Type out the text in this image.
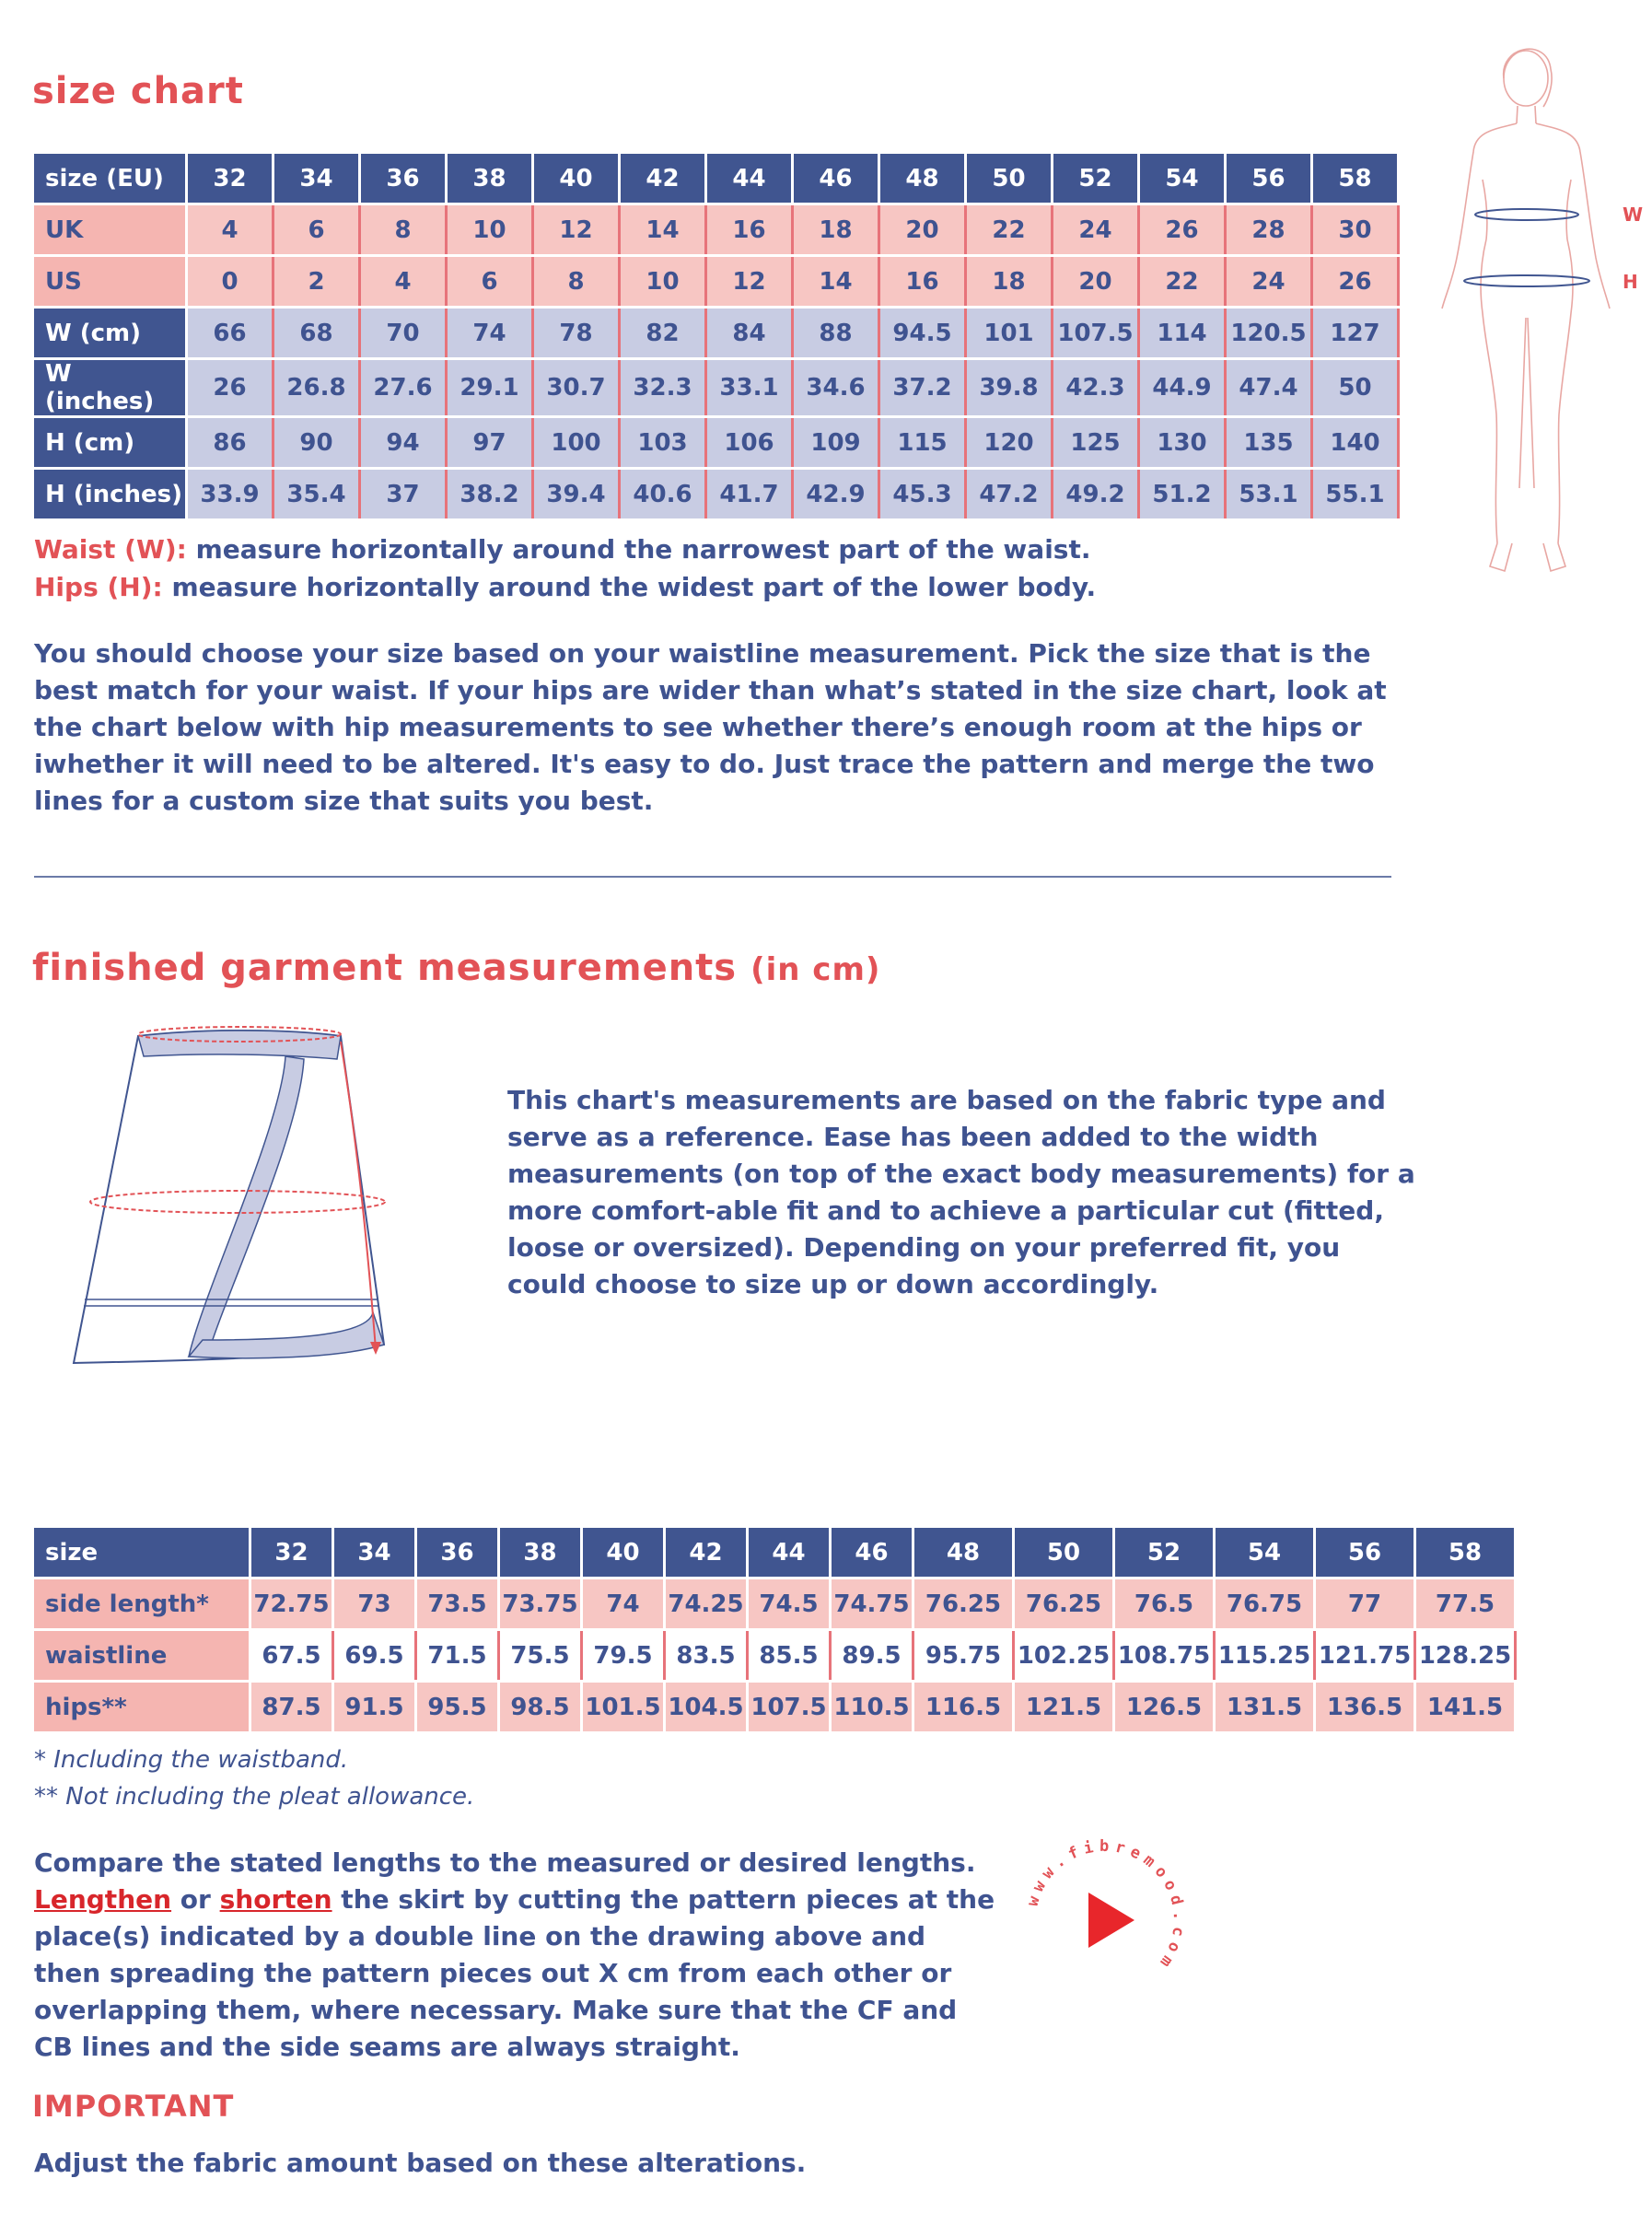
size chart
size (EU)	32	34	36	38	40	42	44	46	48	50	52	54	56	58
UK	4	6	8	10	12	14	16	18	20	22	24	26	28	30
US	0	2	4	6	8	10	12	14	16	18	20	22	24	26
W (cm)	66	68	70	74	78	82	84	88	94.5	101	107.5	114	120.5	127
W (inches)	26	26.8	27.6	29.1	30.7	32.3	33.1	34.6	37.2	39.8	42.3	44.9	47.4	50
H (cm)	86	90	94	97	100	103	106	109	115	120	125	130	135	140
H (inches)	33.9	35.4	37	38.2	39.4	40.6	41.7	42.9	45.3	47.2	49.2	51.2	53.1	55.1

Waist (W): measure horizontally around the narrowest part of the waist.

Hips (H): measure horizontally around the widest part of the lower body.

You should choose your size based on your waistline measurement. Pick the size that is the best match for your waist. If your hips are wider than what’s stated in the size chart, look at the chart below with hip measurements to see whether there’s enough room at the hips or iwhether it will need to be altered. It's easy to do. Just trace the pattern and merge the two lines for a custom size that suits you best.

W
H
finished garment measurements (in cm)

This chart's measurements are based on the fabric type and serve as a reference. Ease has been added to the width measurements (on top of the exact body measurements) for a more comfort-able fit and to achieve a particular cut (fitted, loose or oversized). Depending on your preferred fit, you could choose to size up or down accordingly.

size	32	34	36	38	40	42	44	46	48	50	52	54	56	58
side length*	72.75	73	73.5	73.75	74	74.25	74.5	74.75	76.25	76.25	76.5	76.75	77	77.5
waistline	67.5	69.5	71.5	75.5	79.5	83.5	85.5	89.5	95.75	102.25	108.75	115.25	121.75	128.25
hips**	87.5	91.5	95.5	98.5	101.5	104.5	107.5	110.5	116.5	121.5	126.5	131.5	136.5	141.5

* Including the waistband.

** Not including the pleat allowance.

Compare the stated lengths to the measured or desired lengths. Lengthen or shorten the skirt by cutting the pattern pieces at the place(s) indicated by a double line on the drawing above and then spreading the pattern pieces out X cm from each other or overlapping them, where necessary. Make sure that the CF and CB lines and the side seams are always straight.

IMPORTANT

Adjust the fabric amount based on these alterations.

www.fibremood.com
